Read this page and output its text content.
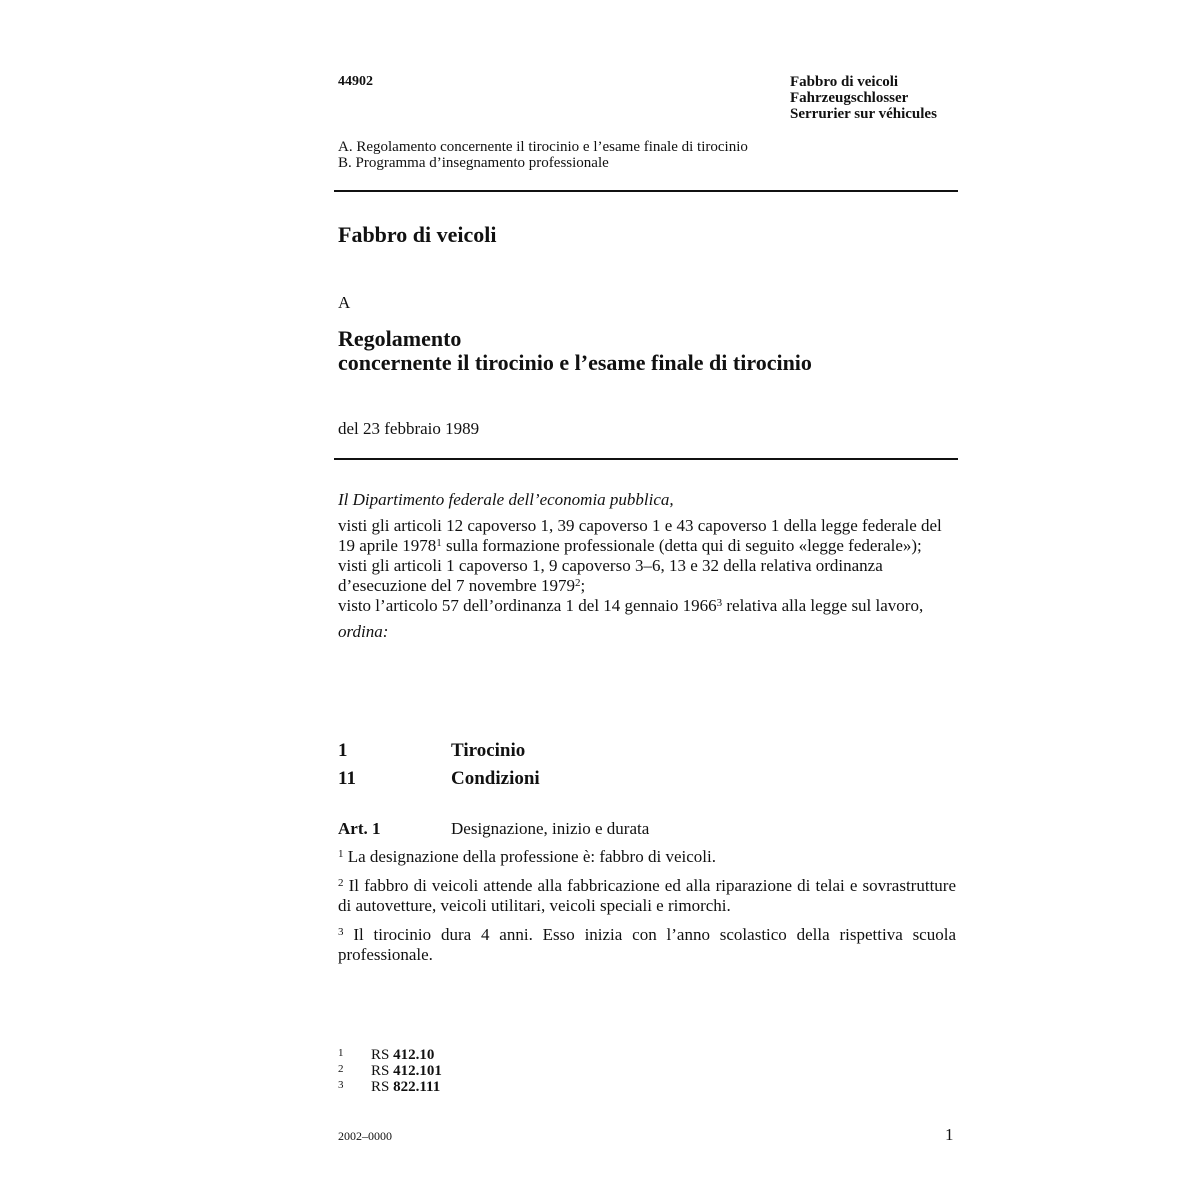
44902	Fabbro di veicoli
Fahrzeugschlosser
Serrurier sur véhicules
A. Regolamento concernente il tirocinio e l’esame finale di tirocinio
B. Programma d’insegnamento professionale
Fabbro di veicoli
A
Regolamento
concernente il tirocinio e l’esame finale di tirocinio
del 23 febbraio 1989

Il Dipartimento federale dell’economia pubblica,

visti gli articoli 12 capoverso 1, 39 capoverso 1 e 43 capoverso 1 della legge federale del 19 aprile 1978$^1$ sulla formazione professionale (detta qui di seguito «legge federale»);

visti gli articoli 1 capoverso 1, 9 capoverso 3–6, 13 e 32 della relativa ordinanza d’esecuzione del 7 novembre 1979$^2$;

visto l’articolo 57 dell’ordinanza 1 del 14 gennaio 1966$^3$ relativa alla legge sul lavoro,

ordina:

1	Tirocinio
11	Condizioni
Art. 1	Designazione, inizio e durata
$^1$ La designazione della professione è: fabbro di veicoli.
$^2$ Il fabbro di veicoli attende alla fabbricazione ed alla riparazione di telai e sovrastrutture di autovetture, veicoli utilitari, veicoli speciali e rimorchi.
$^3$ Il tirocinio dura 4 anni. Esso inizia con l’anno scolastico della rispettiva scuola professionale.
1 RS 412.10
2 RS 412.101
3 RS 822.111
2002–0000	1
